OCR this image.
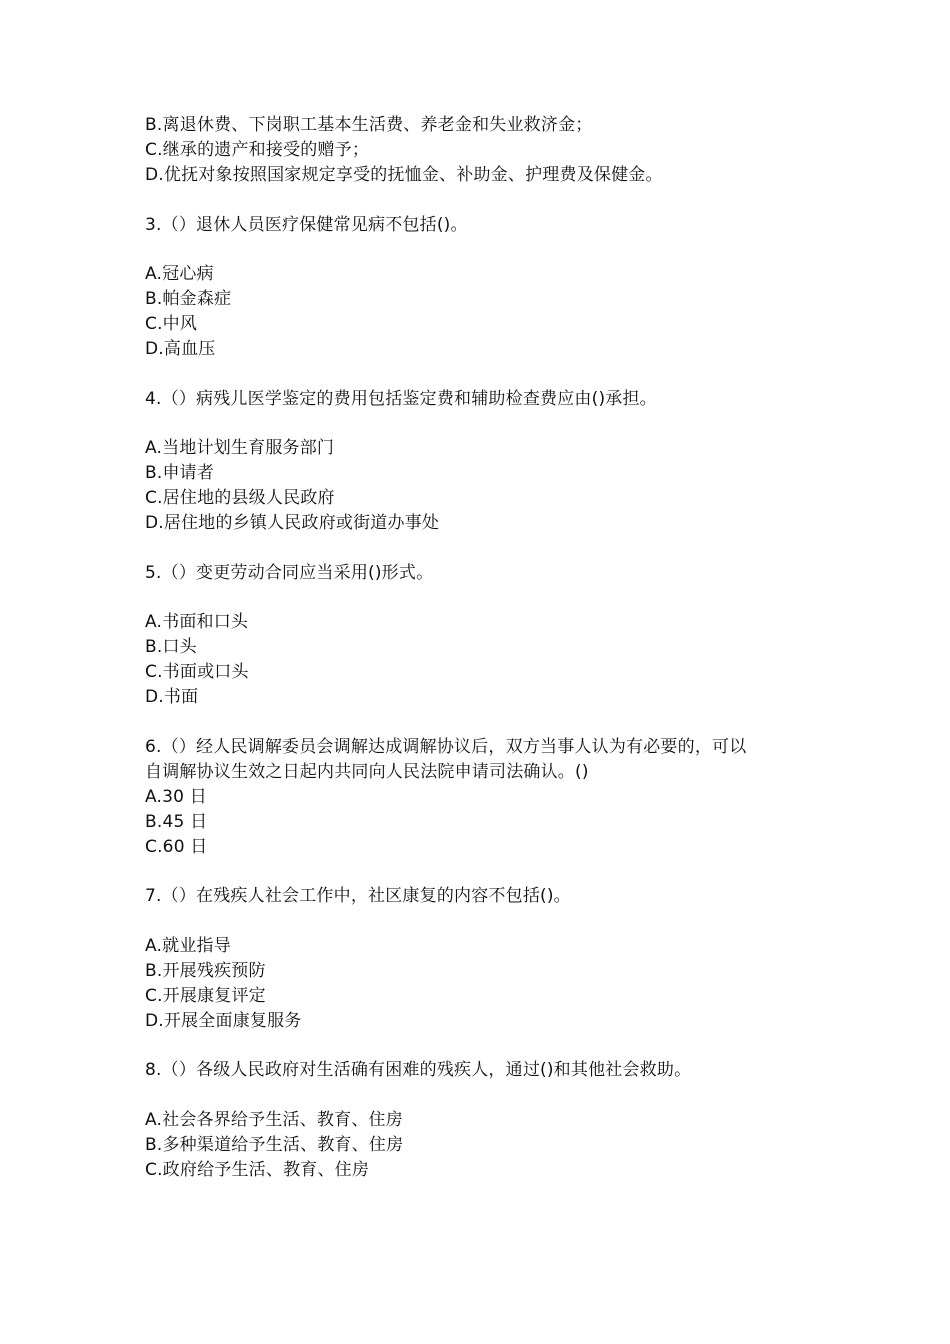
B.离退休费、下岗职工基本生活费、养老金和失业救济金；
C.继承的遗产和接受的赠予；
D.优抚对象按照国家规定享受的抚恤金、补助金、护理费及保健金。
3.（）退休人员医疗保健常见病不包括()。
A.冠心病
B.帕金森症
C.中风
D.高血压
4.（）病残儿医学鉴定的费用包括鉴定费和辅助检查费应由()承担。
A.当地计划生育服务部门
B.申请者
C.居住地的县级人民政府
D.居住地的乡镇人民政府或街道办事处
5.（）变更劳动合同应当采用()形式。
A.书面和口头
B.口头
C.书面或口头
D.书面
6.（）经人民调解委员会调解达成调解协议后，双方当事人认为有必要的，可以
自调解协议生效之日起内共同向人民法院申请司法确认。()
A.30 日
B.45 日
C.60 日
7.（）在残疾人社会工作中，社区康复的内容不包括()。
A.就业指导
B.开展残疾预防
C.开展康复评定
D.开展全面康复服务
8.（）各级人民政府对生活确有困难的残疾人，通过()和其他社会救助。
A.社会各界给予生活、教育、住房
B.多种渠道给予生活、教育、住房
C.政府给予生活、教育、住房
